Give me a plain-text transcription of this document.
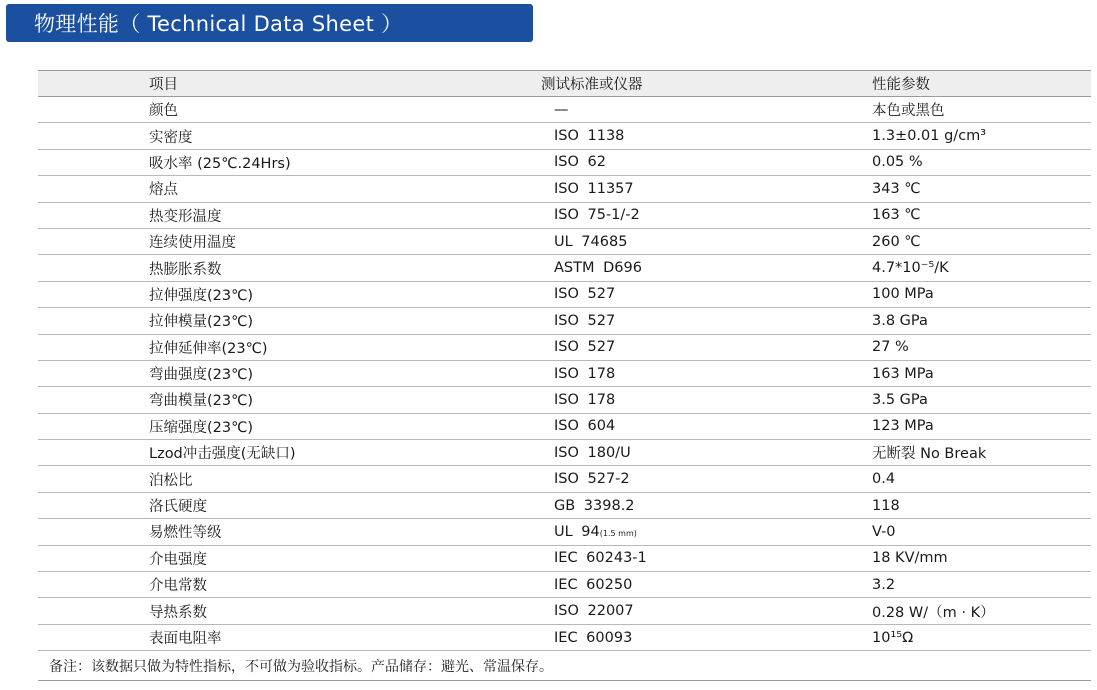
物理性能（ Technical Data Sheet ）
项目	测试标准或仪器	性能参数
颜色	—	本色或黑色
实密度	ISO 1138	1.3±0.01 g/cm³
吸水率 (25℃.24Hrs)	ISO 62	0.05 %
熔点	ISO 11357	343 ℃
热变形温度	ISO 75-1/-2	163 ℃
连续使用温度	UL 74685	260 ℃
热膨胀系数	ASTM D696	4.7*10⁻⁵/K
拉伸强度(23℃)	ISO 527	100 MPa
拉伸模量(23℃)	ISO 527	3.8 GPa
拉伸延伸率(23℃)	ISO 527	27 %
弯曲强度(23℃)	ISO 178	163 MPa
弯曲模量(23℃)	ISO 178	3.5 GPa
压缩强度(23℃)	ISO 604	123 MPa
Lzod冲击强度(无缺口)	ISO 180/U	无断裂 No Break
泊松比	ISO 527-2	0.4
洛氏硬度	GB 3398.2	118
易燃性等级	UL 94(1.5 mm)	V-0
介电强度	IEC 60243-1	18 KV/mm
介电常数	IEC 60250	3.2
导热系数	ISO 22007	0.28 W/（m · K）
表面电阻率	IEC 60093	10¹⁵Ω
备注：该数据只做为特性指标，不可做为验收指标。产品储存：避光、常温保存。
